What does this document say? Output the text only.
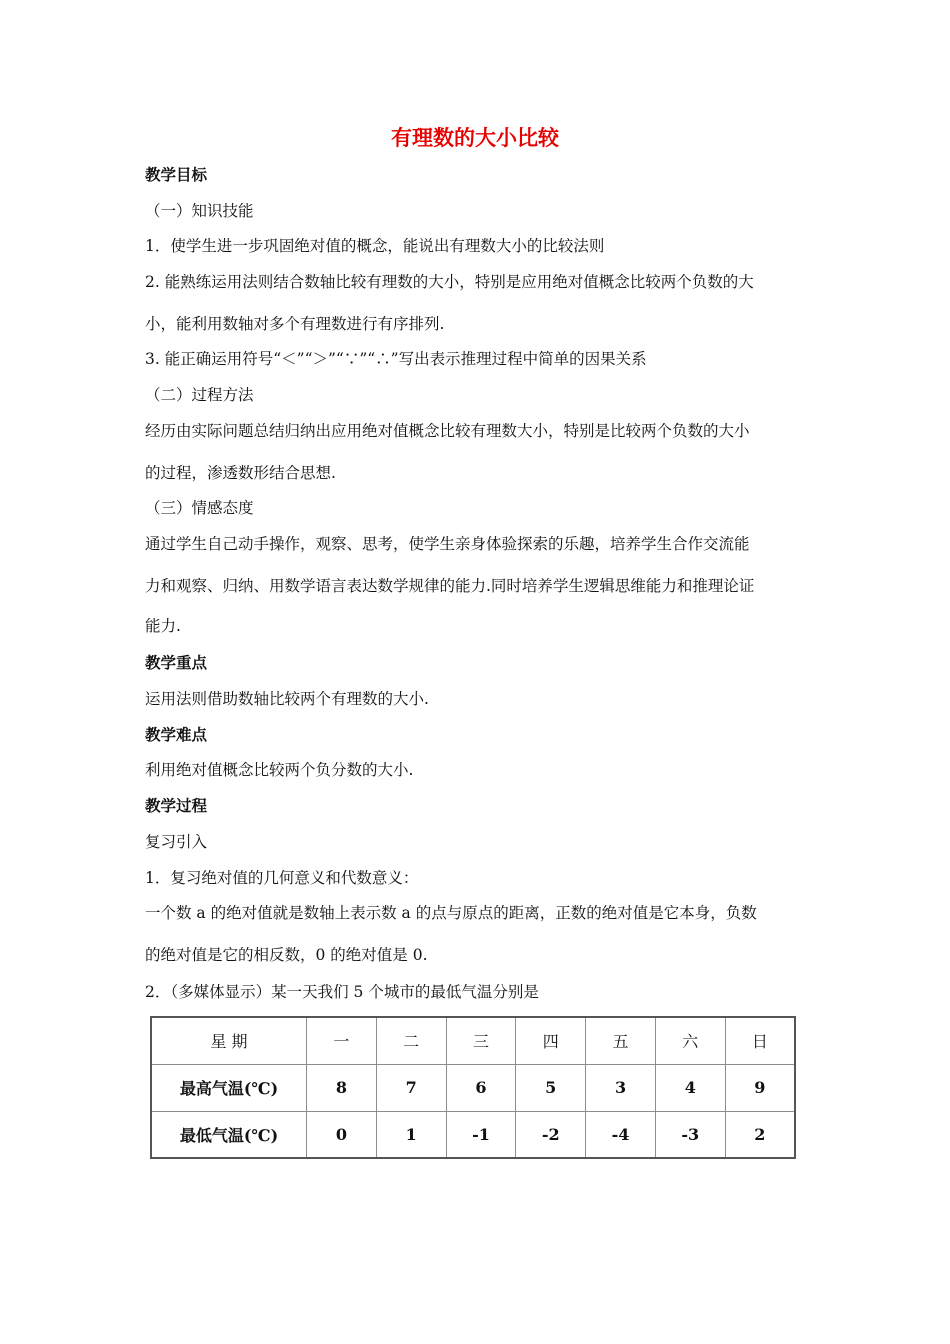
有理数的大小比较
教学目标
（一）知识技能
1．使学生进一步巩固绝对值的概念，能说出有理数大小的比较法则
2. 能熟练运用法则结合数轴比较有理数的大小，特别是应用绝对值概念比较两个负数的大
小，能利用数轴对多个有理数进行有序排列.
3. 能正确运用符号“＜”“＞”“∵”“∴”写出表示推理过程中简单的因果关系
（二）过程方法
经历由实际问题总结归纳出应用绝对值概念比较有理数大小，特别是比较两个负数的大小
的过程，渗透数形结合思想.
（三）情感态度
通过学生自己动手操作，观察、思考，使学生亲身体验探索的乐趣，培养学生合作交流能
力和观察、归纳、用数学语言表达数学规律的能力.同时培养学生逻辑思维能力和推理论证
能力.
教学重点
运用法则借助数轴比较两个有理数的大小.
教学难点
利用绝对值概念比较两个负分数的大小.
教学过程
复习引入
1．复习绝对值的几何意义和代数意义：
一个数 a 的绝对值就是数轴上表示数 a 的点与原点的距离，正数的绝对值是它本身，负数
的绝对值是它的相反数，0 的绝对值是 0.
2．（多媒体显示）某一天我们 5 个城市的最低气温分别是
星 期	一	二	三	四	五	六	日
最高气温(℃)	8	7	6	5	3	4	9
最低气温(℃)	0	1	-1	-2	-4	-3	2
